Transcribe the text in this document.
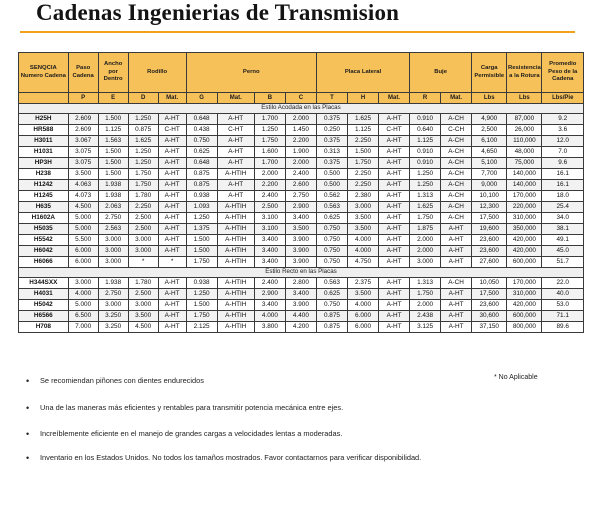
Cadenas Ingenierias de Transmision
SENQCIA Numero Cadena	Paso Cadena	Ancho por Dentro	Rodillo		Perno				Placa Lateral			Buje		Carga Permisible	Resistencia a la Rotura	Promedio Peso de la Cadena
	P	E	D	Mat.	G	Mat.	B	C	T	H	Mat.	R	Mat.	Lbs	Lbs	Lbs/Pie
Estilo Acodada en las Placas																
H25H	2.609	1.500	1.250	A-HT	0.648	A-HT	1.700	2.000	0.375	1.625	A-HT	0.910	A-CH	4,900	87,000	9.2
HR588	2.609	1.125	0.875	C-HT	0.438	C-HT	1.250	1.450	0.250	1.125	C-HT	0.640	C-CH	2,500	26,000	3.6
H3011	3.067	1.563	1.625	A-HT	0.750	A-HT	1.750	2.200	0.375	2.250	A-HT	1.125	A-CH	6,100	110,000	12.0
H1031	3.075	1.500	1.250	A-HT	0.625	A-HT	1.600	1.900	0.313	1.500	A-HT	0.910	A-CH	4,650	48,000	7.0
HP3H	3.075	1.500	1.250	A-HT	0.648	A-HT	1.700	2.000	0.375	1.750	A-HT	0.910	A-CH	5,100	75,000	9.6
H238	3.500	1.500	1.750	A-HT	0.875	A-HTIH	2.000	2.400	0.500	2.250	A-HT	1.250	A-CH	7,700	140,000	16.1
H1242	4.063	1.938	1.750	A-HT	0.875	A-HT	2.200	2.600	0.500	2.250	A-HT	1.250	A-CH	9,000	140,000	16.1
H1245	4.073	1.938	1.780	A-HT	0.938	A-HT	2.400	2.750	0.562	2.380	A-HT	1.313	A-CH	10,100	170,000	18.0
H635	4.500	2.063	2.250	A-HT	1.093	A-HTIH	2.500	2.900	0.563	3.000	A-HT	1.625	A-CH	12,300	220,000	25.4
H1602A	5.000	2.750	2.500	A-HT	1.250	A-HTIH	3.100	3.400	0.625	3.500	A-HT	1.750	A-CH	17,500	310,000	34.0
H5035	5.000	2.563	2.500	A-HT	1.375	A-HTIH	3.100	3.500	0.750	3.500	A-HT	1.875	A-HT	19,600	350,000	38.1
H5542	5.500	3.000	3.000	A-HT	1.500	A-HTIH	3.400	3.900	0.750	4.000	A-HT	2.000	A-HT	23,600	420,000	49.1
H6042	6.000	3.000	3.000	A-HT	1.500	A-HTIH	3.400	3.900	0.750	4.000	A-HT	2.000	A-HT	23,600	420,000	45.0
H6066	6.000	3.000	*	*	1.750	A-HTIH	3.400	3.900	0.750	4.750	A-HT	3.000	A-HT	27,600	600,000	51.7
Estilo Recto en las Placas																
H344SXX	3.000	1.938	1.780	A-HT	0.938	A-HTIH	2.400	2.800	0.563	2.375	A-HT	1.313	A-CH	10,050	170,000	22.0
H4031	4.000	2.750	2.500	A-HT	1.250	A-HTIH	2.900	3.400	0.625	3.500	A-HT	1.750	A-HT	17,500	310,000	40.0
H5042	5.000	3.000	3.000	A-HT	1.500	A-HTIH	3.400	3.900	0.750	4.000	A-HT	2.000	A-HT	23,600	420,000	53.0
H6566	6.500	3.250	3.500	A-HT	1.750	A-HTIH	4.000	4.400	0.875	6.000	A-HT	2.438	A-HT	30,600	600,000	71.1
H708	7.000	3.250	4.500	A-HT	2.125	A-HTIH	3.800	4.200	0.875	6.000	A-HT	3.125	A-HT	37,150	800,000	89.6
* No Aplicable
• Se recomiendan piñones con dientes endurecidos
• Una de las maneras más eficientes y rentables para transmitir potencia mecánica entre ejes.
• Increíblemente eficiente en el manejo de grandes cargas a velocidades lentas a moderadas.
• Inventario en los Estados Unidos. No todos los tamaños mostrados. Favor contactarnos para verificar disponibilidad.
